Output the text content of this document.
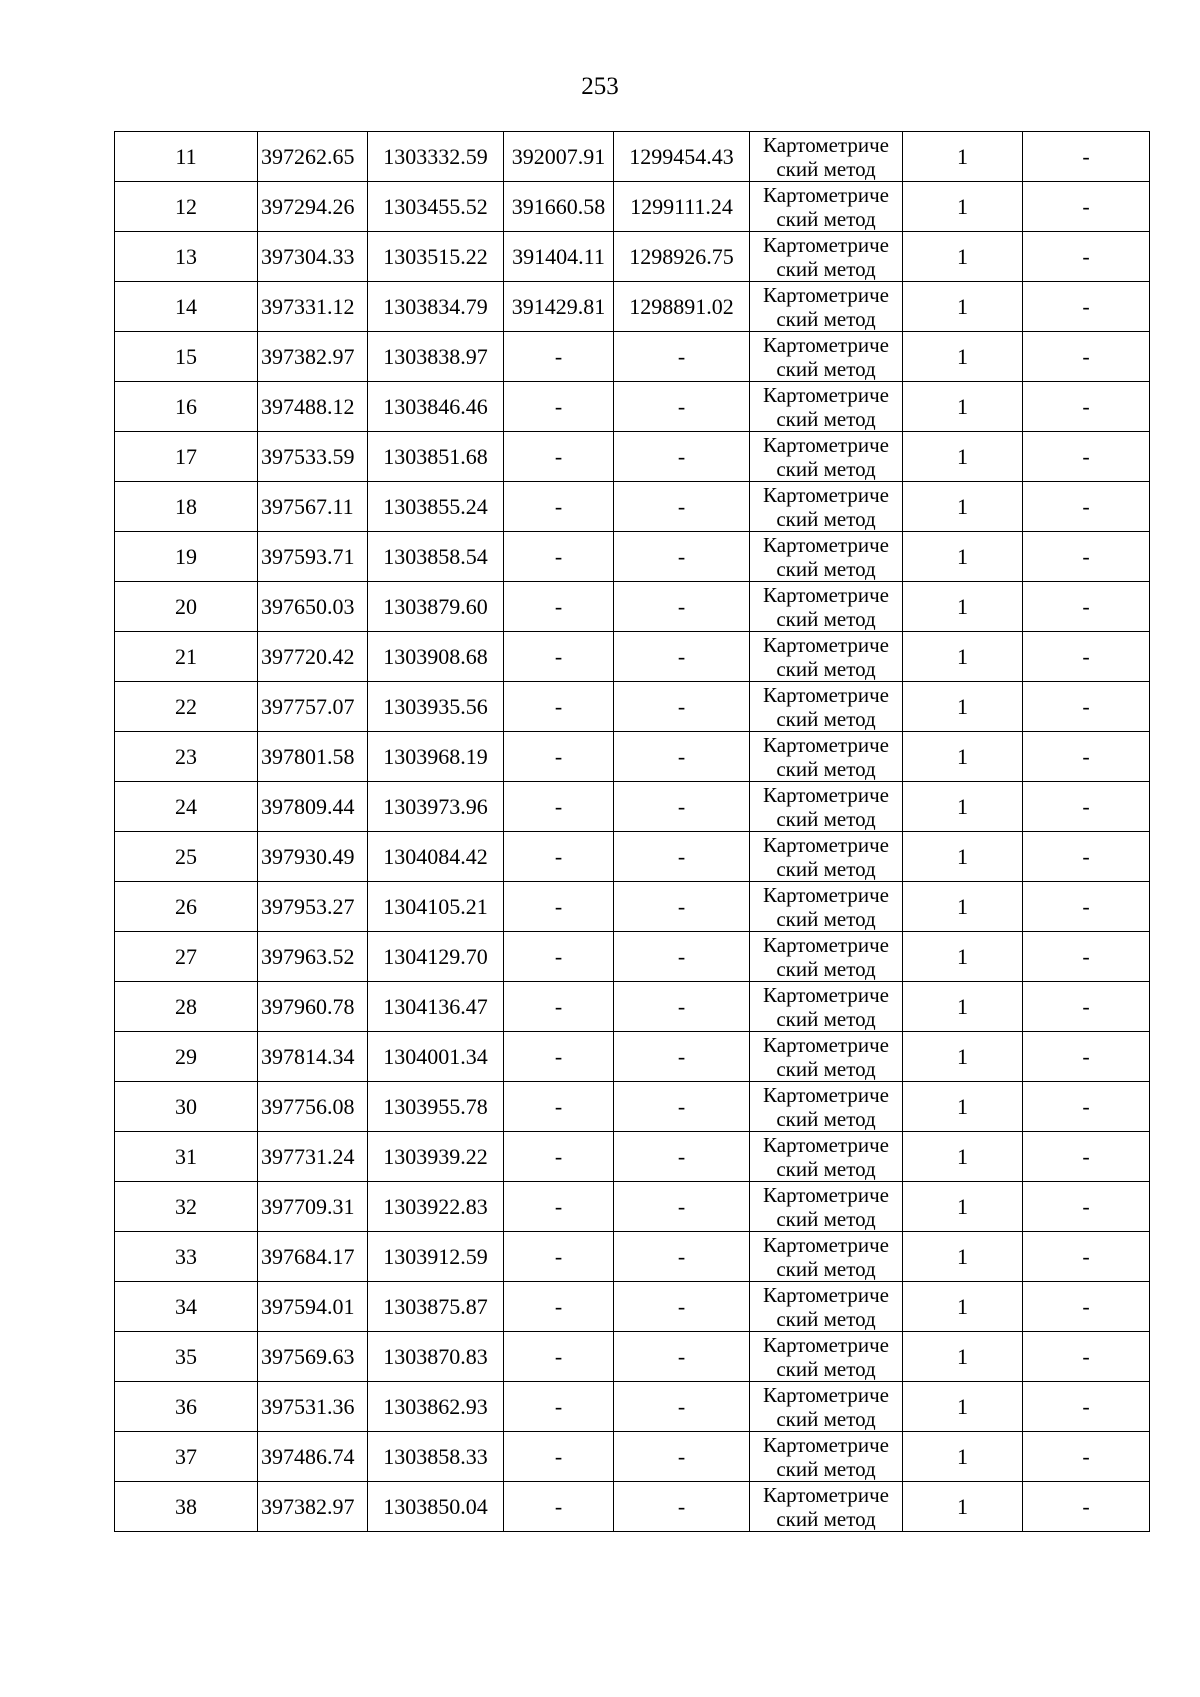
253
11	397262.65	1303332.59	392007.91	1299454.43	Картометриче
ский метод	1	-
12	397294.26	1303455.52	391660.58	1299111.24	Картометриче
ский метод	1	-
13	397304.33	1303515.22	391404.11	1298926.75	Картометриче
ский метод	1	-
14	397331.12	1303834.79	391429.81	1298891.02	Картометриче
ский метод	1	-
15	397382.97	1303838.97	-	-	Картометриче
ский метод	1	-
16	397488.12	1303846.46	-	-	Картометриче
ский метод	1	-
17	397533.59	1303851.68	-	-	Картометриче
ский метод	1	-
18	397567.11	1303855.24	-	-	Картометриче
ский метод	1	-
19	397593.71	1303858.54	-	-	Картометриче
ский метод	1	-
20	397650.03	1303879.60	-	-	Картометриче
ский метод	1	-
21	397720.42	1303908.68	-	-	Картометриче
ский метод	1	-
22	397757.07	1303935.56	-	-	Картометриче
ский метод	1	-
23	397801.58	1303968.19	-	-	Картометриче
ский метод	1	-
24	397809.44	1303973.96	-	-	Картометриче
ский метод	1	-
25	397930.49	1304084.42	-	-	Картометриче
ский метод	1	-
26	397953.27	1304105.21	-	-	Картометриче
ский метод	1	-
27	397963.52	1304129.70	-	-	Картометриче
ский метод	1	-
28	397960.78	1304136.47	-	-	Картометриче
ский метод	1	-
29	397814.34	1304001.34	-	-	Картометриче
ский метод	1	-
30	397756.08	1303955.78	-	-	Картометриче
ский метод	1	-
31	397731.24	1303939.22	-	-	Картометриче
ский метод	1	-
32	397709.31	1303922.83	-	-	Картометриче
ский метод	1	-
33	397684.17	1303912.59	-	-	Картометриче
ский метод	1	-
34	397594.01	1303875.87	-	-	Картометриче
ский метод	1	-
35	397569.63	1303870.83	-	-	Картометриче
ский метод	1	-
36	397531.36	1303862.93	-	-	Картометриче
ский метод	1	-
37	397486.74	1303858.33	-	-	Картометриче
ский метод	1	-
38	397382.97	1303850.04	-	-	Картометриче
ский метод	1	-
